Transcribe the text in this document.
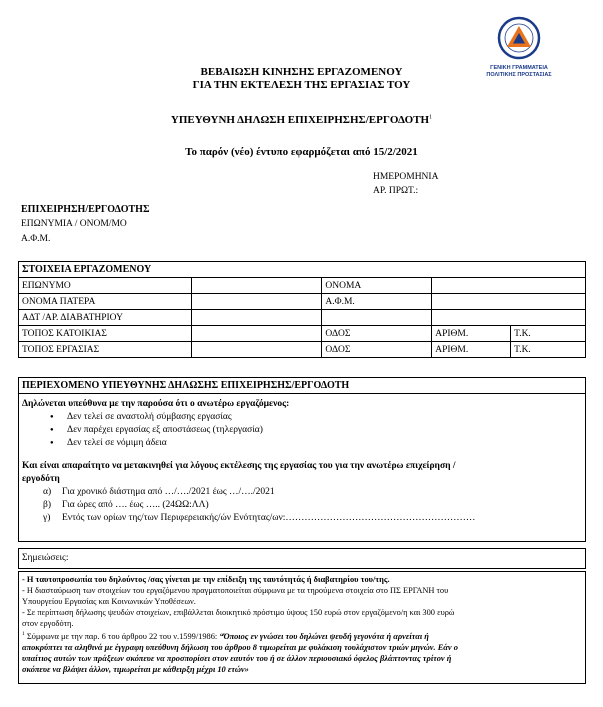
ΓΕΝΙΚΗ ΓΡΑΜΜΑΤΕΙΑ
ΠΟΛΙΤΙΚΗΣ ΠΡΟΣΤΑΣΙΑΣ
ΒΕΒΑΙΩΣΗ ΚΙΝΗΣΗΣ ΕΡΓΑΖΟΜΕΝΟΥ
ΓΙΑ ΤΗΝ ΕΚΤΕΛΕΣΗ ΤΗΣ ΕΡΓΑΣΙΑΣ ΤΟΥ
ΥΠΕΥΘΥΝΗ ΔΗΛΩΣΗ ΕΠΙΧΕΙΡΗΣΗΣ/ΕΡΓΟΔΟΤΗ$^1$
Το παρόν (νέο) έντυπο εφαρμόζεται από 15/2/2021
ΗΜΕΡΟΜΗΝΙΑ
ΑΡ. ΠΡΩΤ.:
ΕΠΙΧΕΙΡΗΣΗ/ΕΡΓΟΔΟΤΗΣ
ΕΠΩΝΥΜΙΑ / ΟΝΟΜ/ΜΟ
Α.Φ.Μ.
ΣΤΟΙΧΕΙΑ ΕΡΓΑΖΟΜΕΝΟΥ				
ΕΠΩΝΥΜΟ		ΟΝΟΜΑ		
ΟΝΟΜΑ ΠΑΤΕΡΑ		Α.Φ.Μ.		
ΑΔΤ /ΑΡ. ΔΙΑΒΑΤΗΡΙΟΥ				
ΤΟΠΟΣ ΚΑΤΟΙΚΙΑΣ		ΟΔΟΣ	ΑΡΙΘΜ.	Τ.Κ.
ΤΟΠΟΣ ΕΡΓΑΣΙΑΣ		ΟΔΟΣ	ΑΡΙΘΜ.	Τ.Κ.
ΠΕΡΙΕΧΟΜΕΝΟ ΥΠΕΥΘΥΝΗΣ ΔΗΛΩΣΗΣ ΕΠΙΧΕΙΡΗΣΗΣ/ΕΡΓΟΔΟΤΗ
Δηλώνεται υπεύθυνα με την παρούσα ότι ο ανωτέρω εργαζόμενος:
● Δεν τελεί σε αναστολή σύμβασης εργασίας
● Δεν παρέχει εργασίας εξ αποστάσεως (τηλεργασία)
● Δεν τελεί σε νόμιμη άδεια
Και είναι απαραίτητο να μετακινηθεί για λόγους εκτέλεσης της εργασίας του για την ανωτέρω επιχείρηση /
εργοδότη
α) Για χρονικό διάστημα από …/…./2021 έως …/…./2021
β) Για ώρες από …. έως ….. (24ΩΩ:ΛΛ)
γ) Εντός των ορίων της/των Περιφερειακής/ών Ενότητας/ων:……………………………………………………
Σημειώσεις:
- Η ταυτοπροσωπία του δηλούντος /σας γίνεται με την επίδειξη της ταυτότητάς ή διαβατηρίου του/της.
- Η διασταύρωση των στοιχείων του εργαζόμενου πραγματοποιείται σύμφωνα με τα τηρούμενα στοιχεία στο ΠΣ ΕΡΓΑΝΗ του
Υπουργείου Εργασίας και Κοινωνικών Υποθέσεων.
- Σε περίπτωση δήλωσης ψευδών στοιχείων, επιβάλλεται διοικητικό πρόστιμο ύψους 150 ευρώ στον εργαζόμενο/η και 300 ευρώ
στον εργοδότη.
$^1$ Σύμφωνα με την παρ. 6 του άρθρου 22 του ν.1599/1986: “Όποιος εν γνώσει του δηλώνει ψευδή γεγονότα ή αρνείται ή
αποκρύπτει τα αληθινά με έγγραφη υπεύθυνη δήλωση του άρθρου 8 τιμωρείται με φυλάκιση τουλάχιστον τριών μηνών. Εάν ο
υπαίτιος αυτών των πράξεων σκόπευε να προσπορίσει στον εαυτόν του ή σε άλλον περιουσιακό όφελος βλάπτοντας τρίτον ή
σκόπευε να βλάψει άλλον, τιμωρείται με κάθειρξη μέχρι 10 ετών»
